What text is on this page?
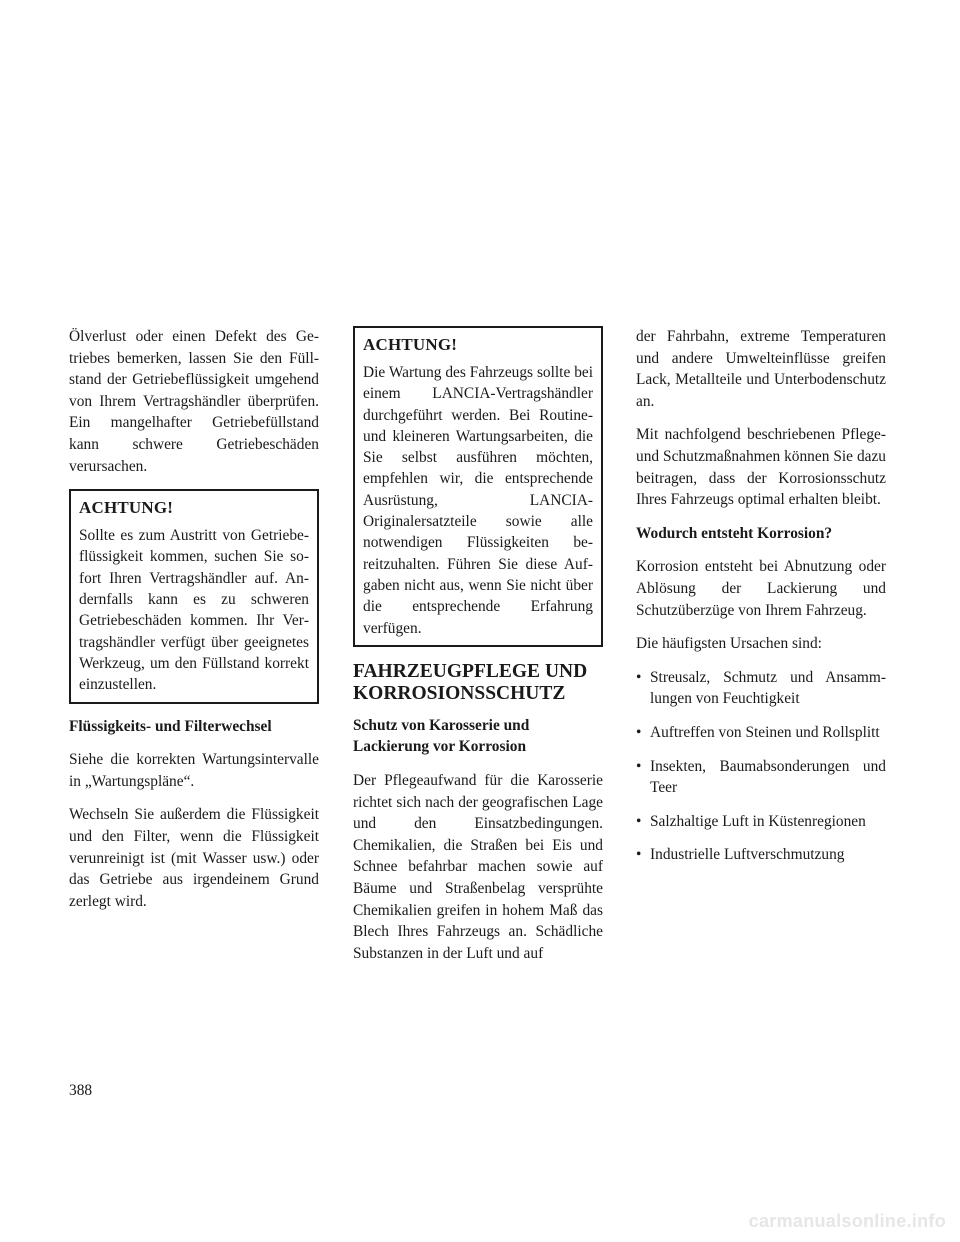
Ölverlust oder einen Defekt des Getriebes bemerken, lassen Sie den Füllstand der Getriebeflüssigkeit umgehend von Ihrem Vertragshändler überprüfen. Ein mangelhafter Getriebefüllstand kann schwere Getriebeschäden verursachen.

ACHTUNG!

Sollte es zum Austritt von Getriebeflüssigkeit kommen, suchen Sie sofort Ihren Vertragshändler auf. Andernfalls kann es zu schweren Getriebeschäden kommen. Ihr Vertragshändler verfügt über geeignetes Werkzeug, um den Füllstand korrekt einzustellen.

Flüssigkeits- und Filterwechsel

Siehe die korrekten Wartungsintervalle in „Wartungspläne“.

Wechseln Sie außerdem die Flüssigkeit und den Filter, wenn die Flüssigkeit verunreinigt ist (mit Wasser usw.) oder das Getriebe aus irgendeinem Grund zerlegt wird.

ACHTUNG!

Die Wartung des Fahrzeugs sollte bei einem LANCIA-Vertragshändler durchgeführt werden. Bei Routine- und kleineren Wartungsarbeiten, die Sie selbst ausführen möchten, empfehlen wir, die entsprechende Ausrüstung, LANCIA-Originalersatzteile sowie alle notwendigen Flüssigkeiten bereitzuhalten. Führen Sie diese Aufgaben nicht aus, wenn Sie nicht über die entsprechende Erfahrung verfügen.

FAHRZEUGPFLEGE UND KORROSIONSSCHUTZ
Schutz von Karosserie und Lackierung vor Korrosion

Der Pflegeaufwand für die Karosserie richtet sich nach der geografischen Lage und den Einsatzbedingungen. Chemikalien, die Straßen bei Eis und Schnee befahrbar machen sowie auf Bäume und Straßenbelag versprühte Chemikalien greifen in hohem Maß das Blech Ihres Fahrzeugs an. Schädliche Substanzen in der Luft und auf

der Fahrbahn, extreme Temperaturen und andere Umwelteinflüsse greifen Lack, Metallteile und Unterbodenschutz an.

Mit nachfolgend beschriebenen Pflege- und Schutzmaßnahmen können Sie dazu beitragen, dass der Korrosionsschutz Ihres Fahrzeugs optimal erhalten bleibt.

Wodurch entsteht Korrosion?

Korrosion entsteht bei Abnutzung oder Ablösung der Lackierung und Schutzüberzüge von Ihrem Fahrzeug.

Die häufigsten Ursachen sind:

• Streusalz, Schmutz und Ansammlungen von Feuchtigkeit
• Auftreffen von Steinen und Rollsplitt
• Insekten, Baumabsonderungen und Teer
• Salzhaltige Luft in Küstenregionen
• Industrielle Luftverschmutzung
388
carmanualsonline.info
